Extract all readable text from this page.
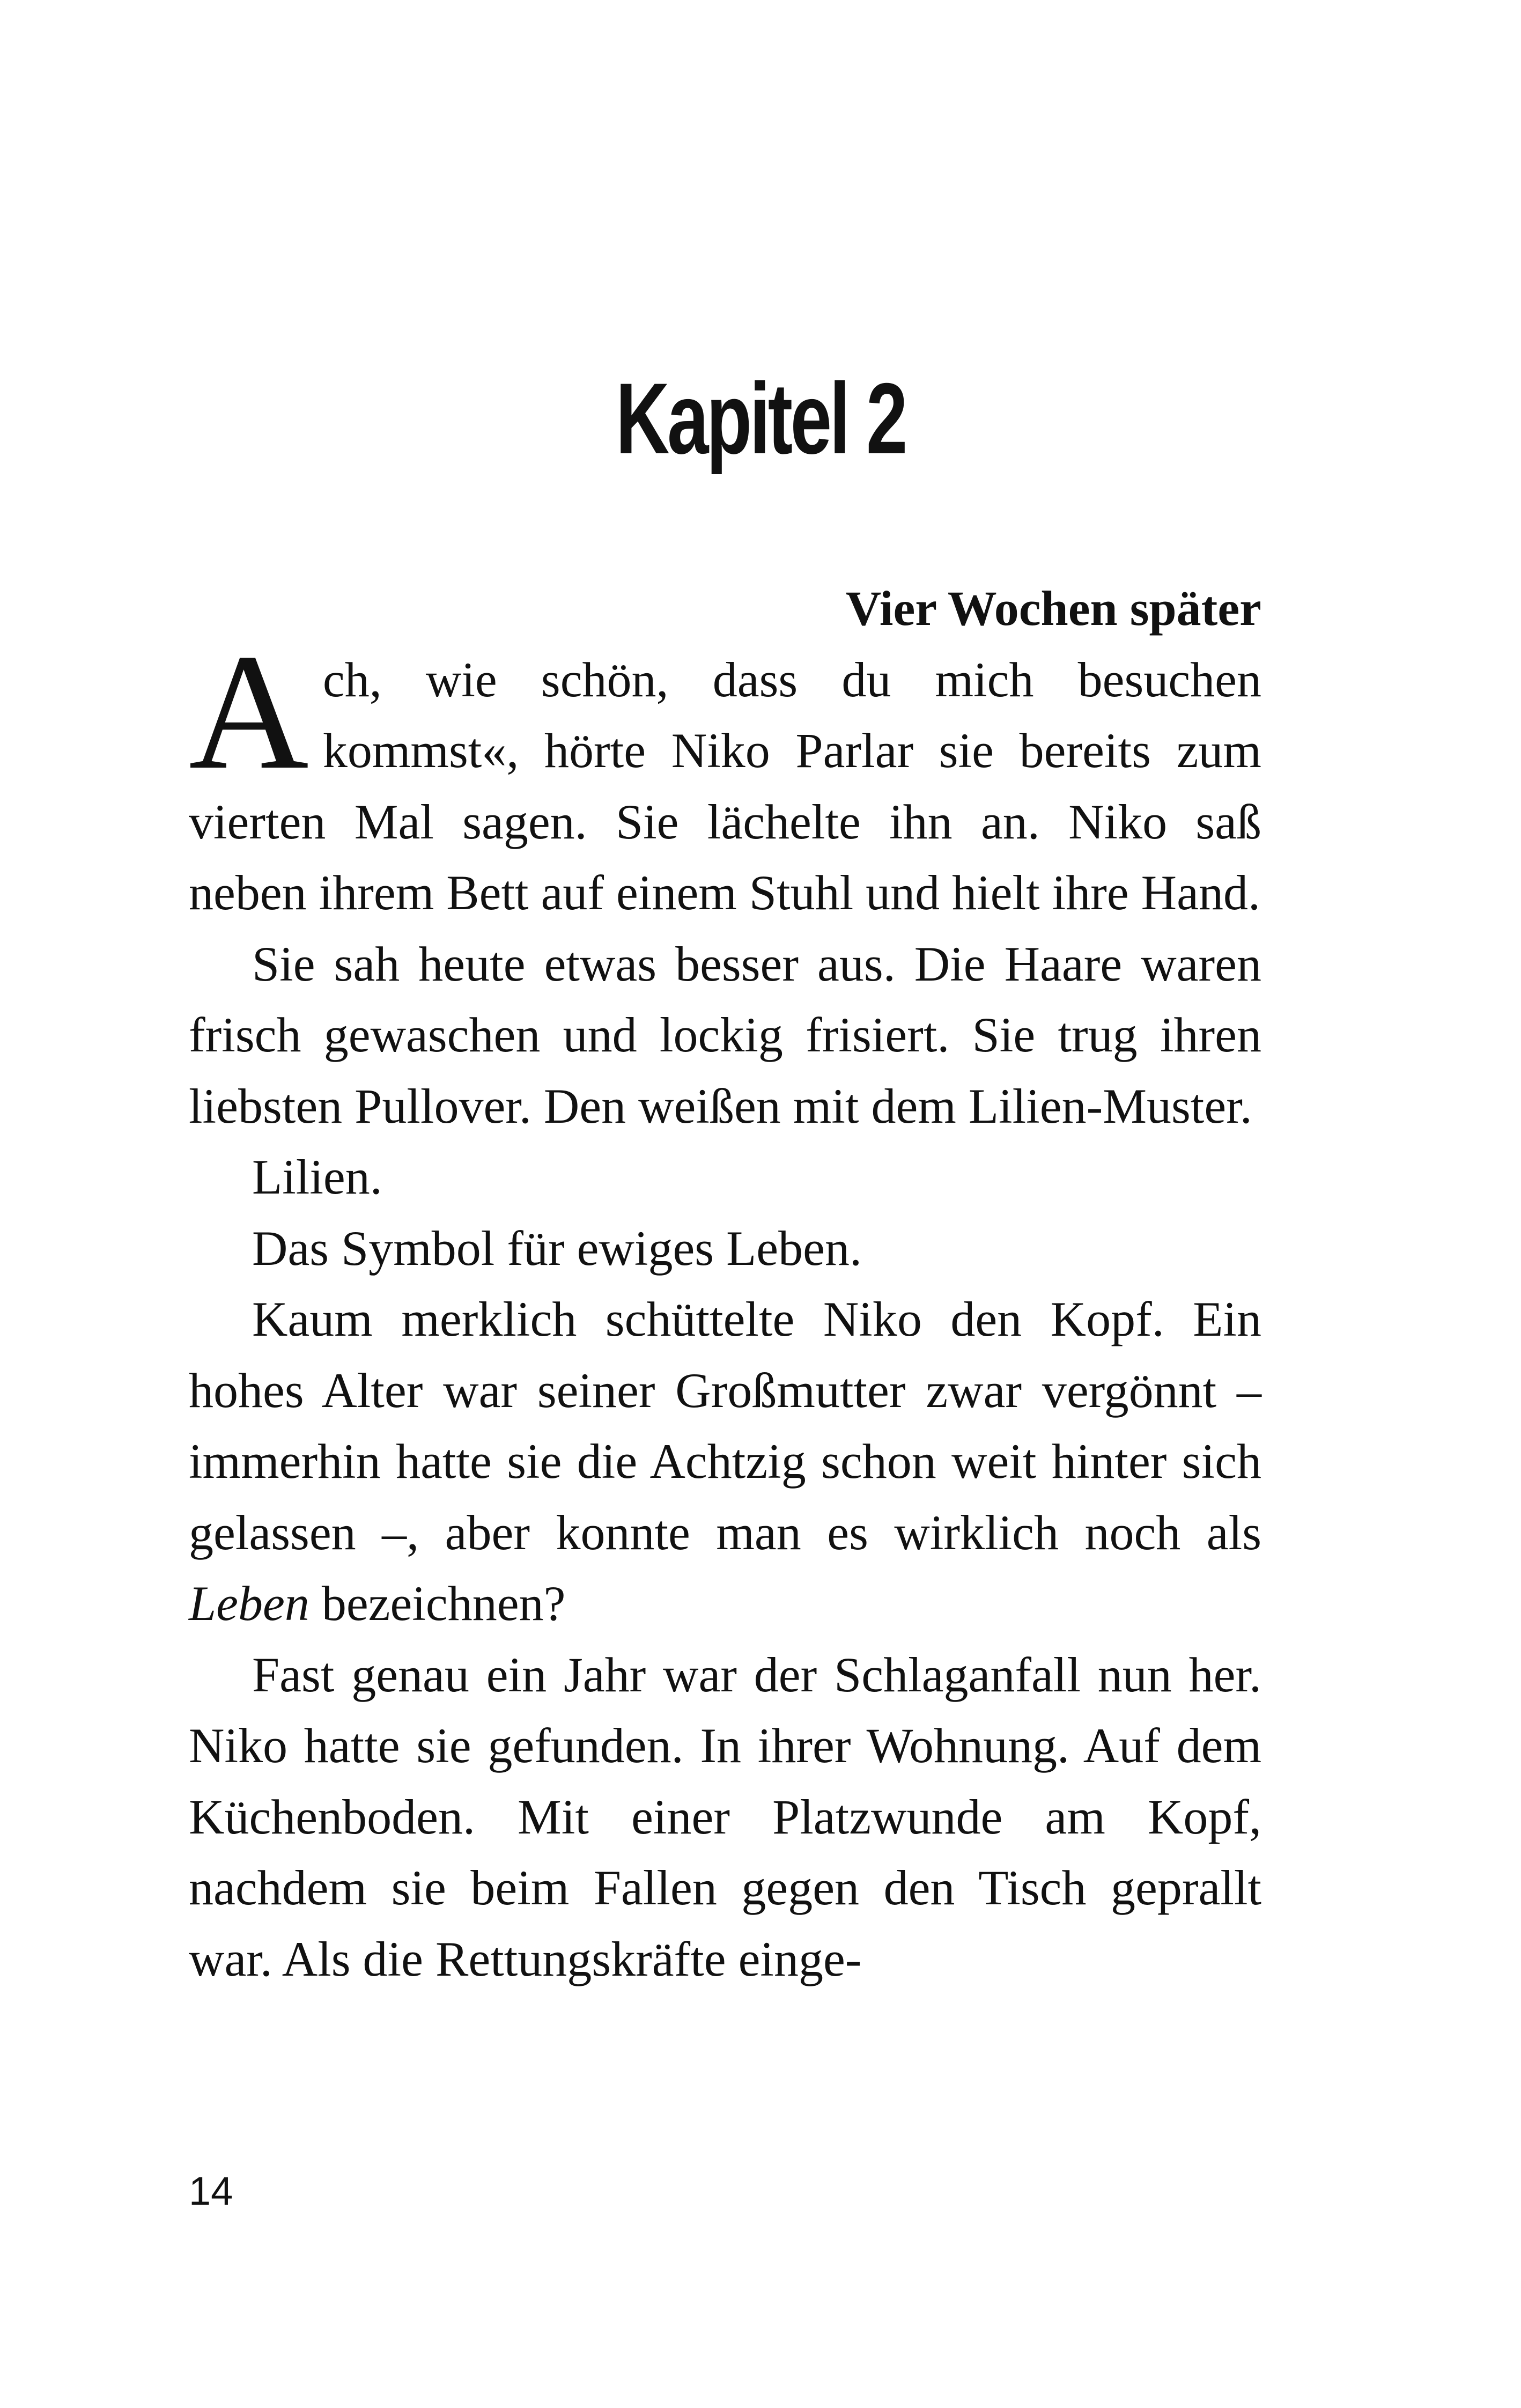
Kapitel 2

Vier Wochen später

Ach, wie schön, dass du mich besuchen kommst«, hörte Niko Parlar sie bereits zum vierten Mal sagen. Sie lächelte ihn an. Niko saß neben ihrem Bett auf einem Stuhl und hielt ihre Hand.

Sie sah heute etwas besser aus. Die Haare waren frisch gewaschen und lockig frisiert. Sie trug ihren liebsten Pullover. Den weißen mit dem Lilien-Muster.

Lilien.

Das Symbol für ewiges Leben.

Kaum merklich schüttelte Niko den Kopf. Ein hohes Alter war seiner Großmutter zwar vergönnt – immerhin hatte sie die Achtzig schon weit hinter sich gelassen –, aber konnte man es wirklich noch als Leben bezeichnen?

Fast genau ein Jahr war der Schlaganfall nun her. Niko hatte sie gefunden. In ihrer Wohnung. Auf dem Küchenboden. Mit einer Platzwunde am Kopf, nachdem sie beim Fallen gegen den Tisch geprallt war. Als die Rettungskräfte einge-

14
